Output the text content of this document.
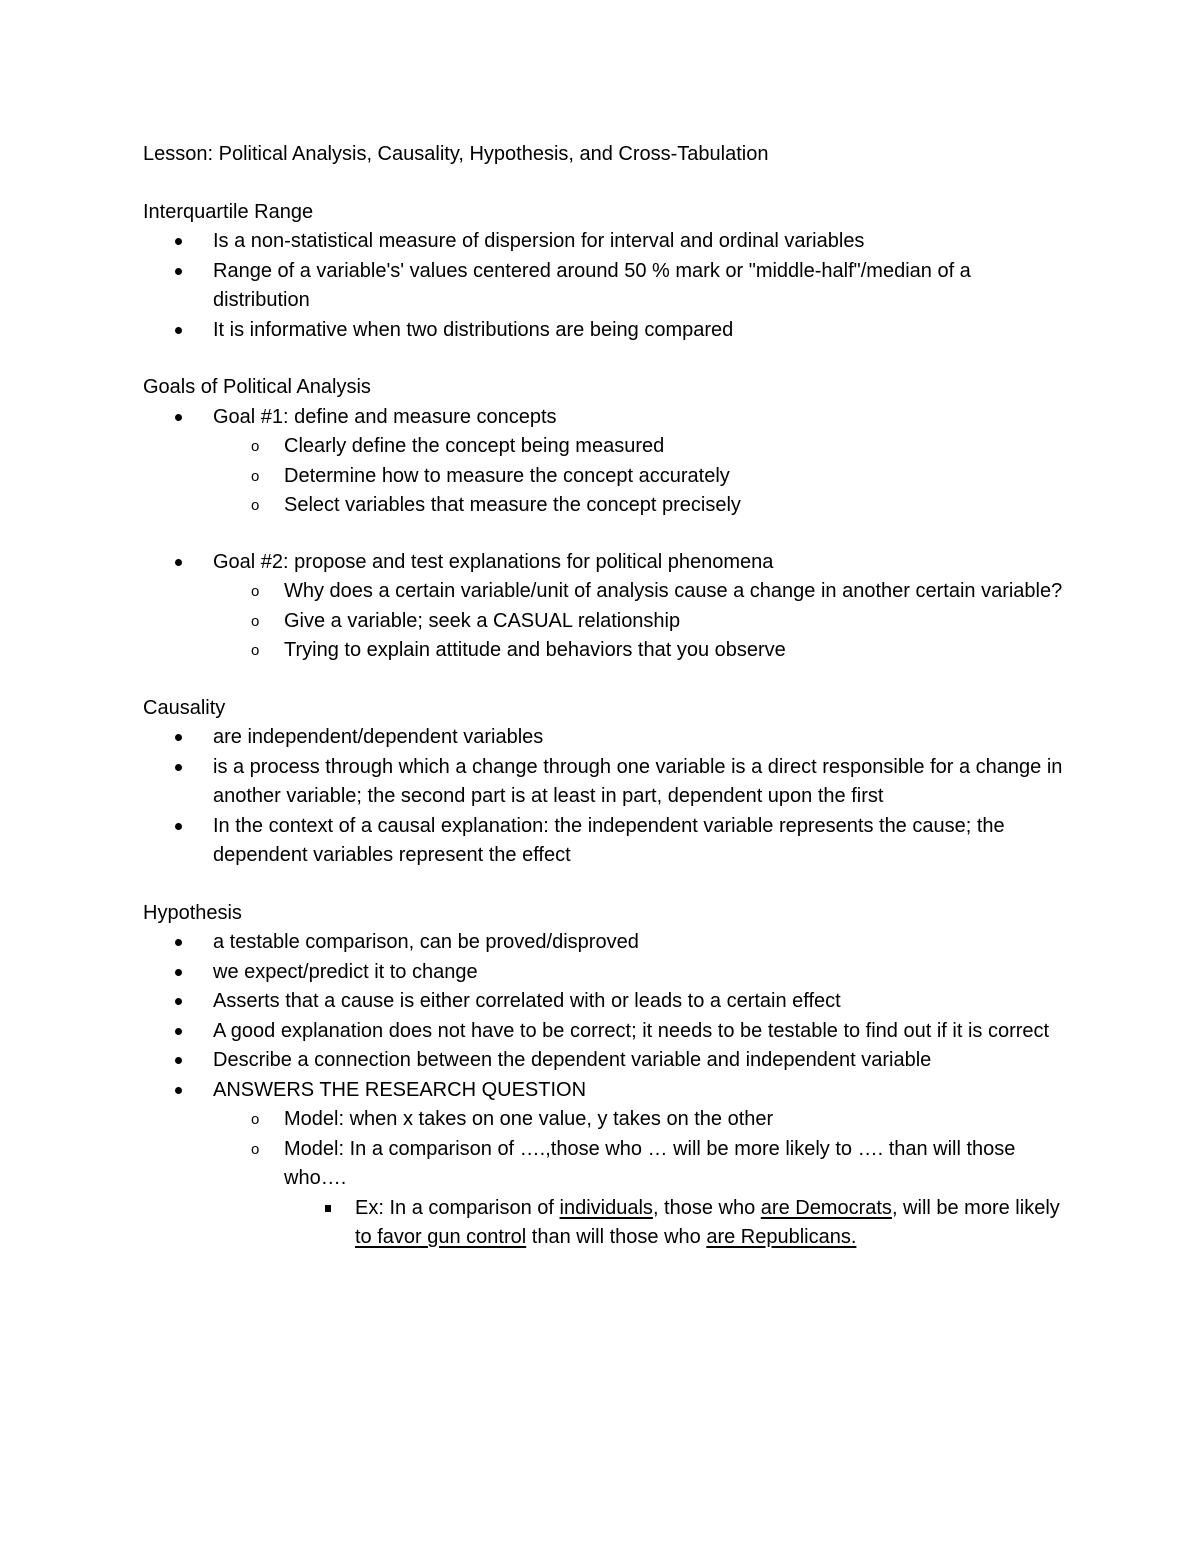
Lesson: Political Analysis, Causality, Hypothesis, and Cross-Tabulation

Interquartile Range

Is a non-statistical measure of dispersion for interval and ordinal variables
Range of a variable's' values centered around 50 % mark or "middle-half"/median of a distribution
It is informative when two distributions are being compared

Goals of Political Analysis

Goal #1: define and measure concepts
o Clearly define the concept being measured
o Determine how to measure the concept accurately
o Select variables that measure the concept precisely
Goal #2: propose and test explanations for political phenomena
o Why does a certain variable/unit of analysis cause a change in another certain variable?
o Give a variable; seek a CASUAL relationship
o Trying to explain attitude and behaviors that you observe

Causality

are independent/dependent variables
is a process through which a change through one variable is a direct responsible for a change in another variable; the second part is at least in part, dependent upon the first
In the context of a causal explanation: the independent variable represents the cause; the dependent variables represent the effect

Hypothesis

a testable comparison, can be proved/disproved
we expect/predict it to change
Asserts that a cause is either correlated with or leads to a certain effect
A good explanation does not have to be correct; it needs to be testable to find out if it is correct
Describe a connection between the dependent variable and independent variable
ANSWERS THE RESEARCH QUESTION
o Model: when x takes on one value, y takes on the other
o Model: In a comparison of ….,those who … will be more likely to …. than will those who….
Ex: In a comparison of individuals, those who are Democrats, will be more likely to favor gun control than will those who are Republicans.
